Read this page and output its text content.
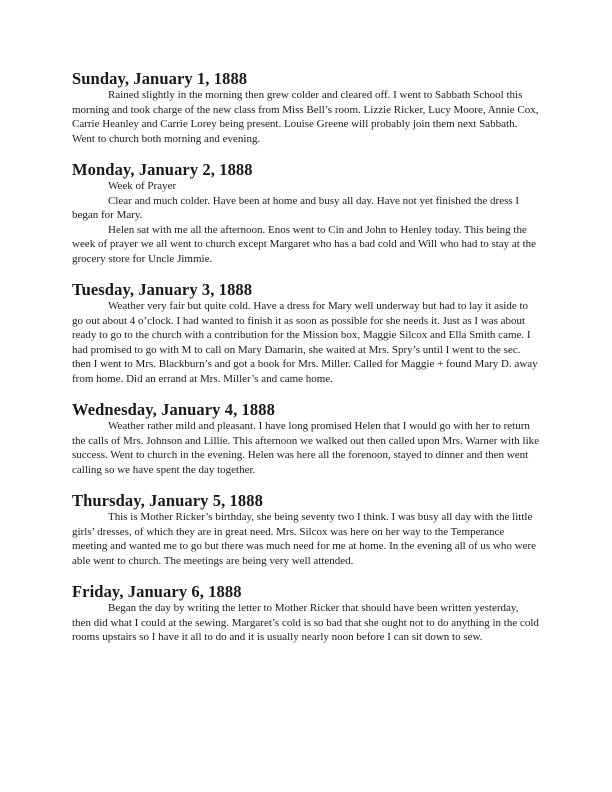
Sunday, January 1, 1888

Rained slightly in the morning then grew colder and cleared off. I went to Sabbath School this morning and took charge of the new class from Miss Bell’s room. Lizzie Ricker, Lucy Moore, Annie Cox, Carrie Heanley and Carrie Lorey being present. Louise Greene will probably join them next Sabbath. Went to church both morning and evening.

Monday, January 2, 1888

Week of Prayer

Clear and much colder. Have been at home and busy all day. Have not yet finished the dress I began for Mary.

Helen sat with me all the afternoon. Enos went to Cin and John to Henley today. This being the week of prayer we all went to church except Margaret who has a bad cold and Will who had to stay at the grocery store for Uncle Jimmie.

Tuesday, January 3, 1888

Weather very fair but quite cold. Have a dress for Mary well underway but had to lay it aside to go out about 4 o’clock. I had wanted to finish it as soon as possible for she needs it. Just as I was about ready to go to the church with a contribution for the Mission box, Maggie Silcox and Ella Smith came. I had promised to go with M to call on Mary Damarin, she waited at Mrs. Spry’s until I went to the sec. then I went to Mrs. Blackburn’s and got a book for Mrs. Miller. Called for Maggie + found Mary D. away from home. Did an errand at Mrs. Miller’s and came home.

Wednesday, January 4, 1888

Weather rather mild and pleasant. I have long promised Helen that I would go with her to return the calls of Mrs. Johnson and Lillie. This afternoon we walked out then called upon Mrs. Warner with like success. Went to church in the evening. Helen was here all the forenoon, stayed to dinner and then went calling so we have spent the day together.

Thursday, January 5, 1888

This is Mother Ricker’s birthday, she being seventy two I think. I was busy all day with the little girls’ dresses, of which they are in great need. Mrs. Silcox was here on her way to the Temperance meeting and wanted me to go but there was much need for me at home. In the evening all of us who were able went to church. The meetings are being very well attended.

Friday, January 6, 1888

Began the day by writing the letter to Mother Ricker that should have been written yesterday, then did what I could at the sewing. Margaret’s cold is so bad that she ought not to do anything in the cold rooms upstairs so I have it all to do and it is usually nearly noon before I can sit down to sew.
